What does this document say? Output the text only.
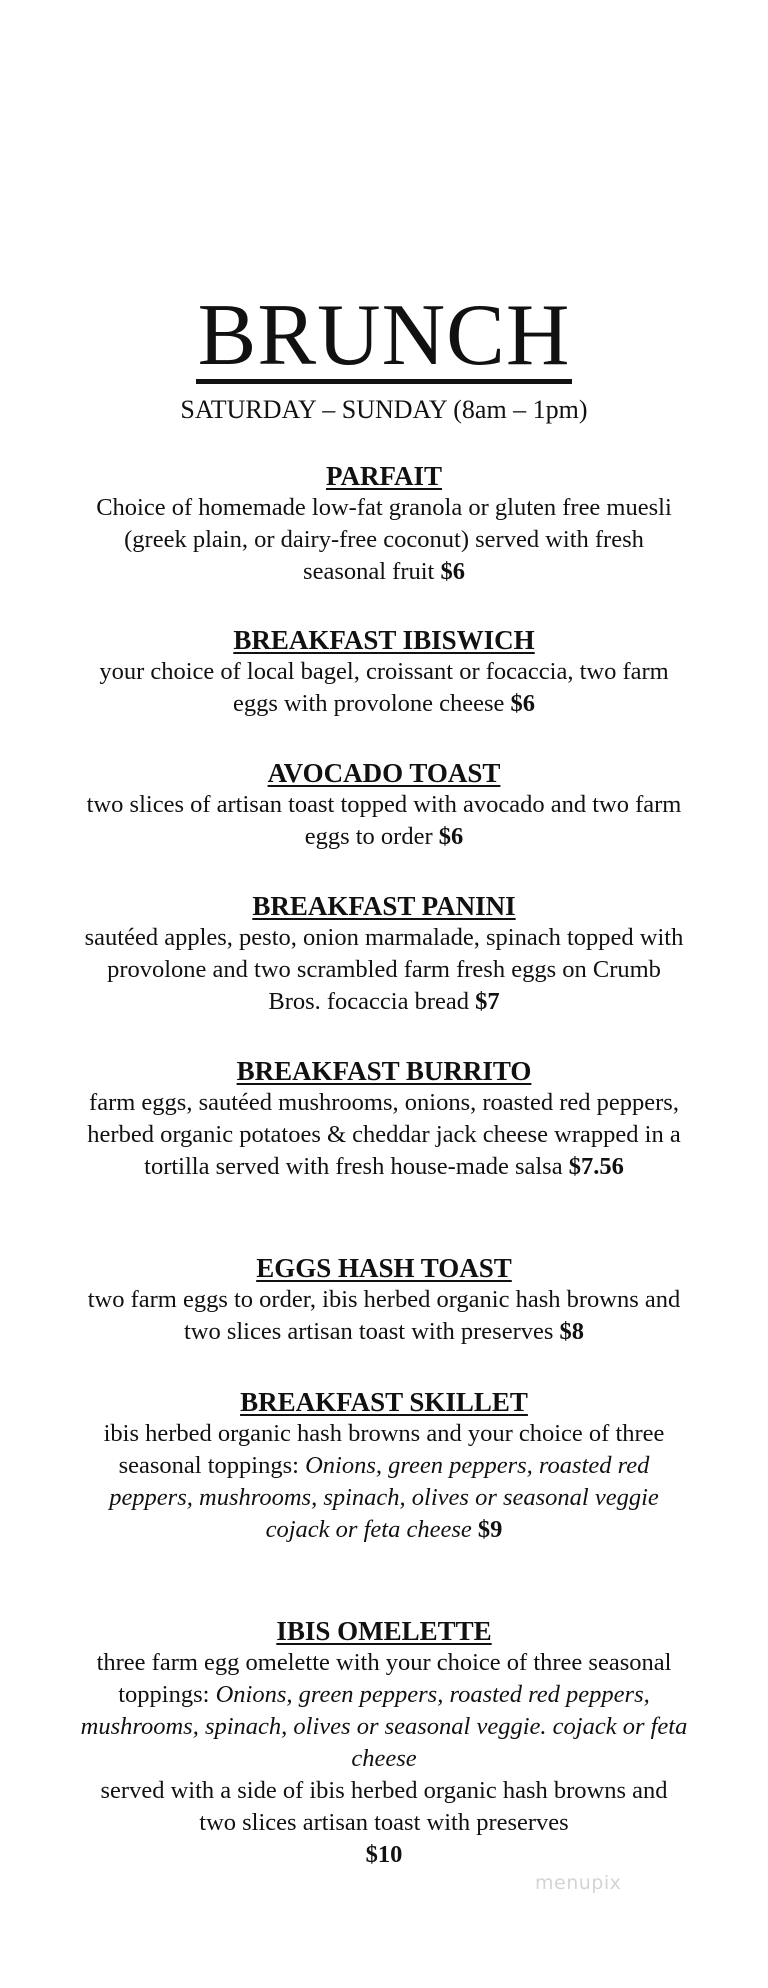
BRUNCH
SATURDAY – SUNDAY (8am – 1pm)
PARFAIT
Choice of homemade low-fat granola or gluten free muesli (greek plain, or dairy-free coconut) served with fresh seasonal fruit $6
BREAKFAST IBISWICH
your choice of local bagel, croissant or focaccia, two farm eggs with provolone cheese $6
AVOCADO TOAST
two slices of artisan toast topped with avocado and two farm eggs to order $6
BREAKFAST PANINI
sautéed apples, pesto, onion marmalade, spinach topped with provolone and two scrambled farm fresh eggs on Crumb Bros. focaccia bread $7
BREAKFAST BURRITO
farm eggs, sautéed mushrooms, onions, roasted red peppers, herbed organic potatoes & cheddar jack cheese wrapped in a tortilla served with fresh house-made salsa $7.56
EGGS HASH TOAST
two farm eggs to order, ibis herbed organic hash browns and two slices artisan toast with preserves $8
BREAKFAST SKILLET
ibis herbed organic hash browns and your choice of three seasonal toppings: Onions, green peppers, roasted red peppers, mushrooms, spinach, olives or seasonal veggie cojack or feta cheese $9
IBIS OMELETTE
three farm egg omelette with your choice of three seasonal toppings: Onions, green peppers, roasted red peppers, mushrooms, spinach, olives or seasonal veggie. cojack or feta cheese
served with a side of ibis herbed organic hash browns and two slices artisan toast with preserves
$10
menupix
